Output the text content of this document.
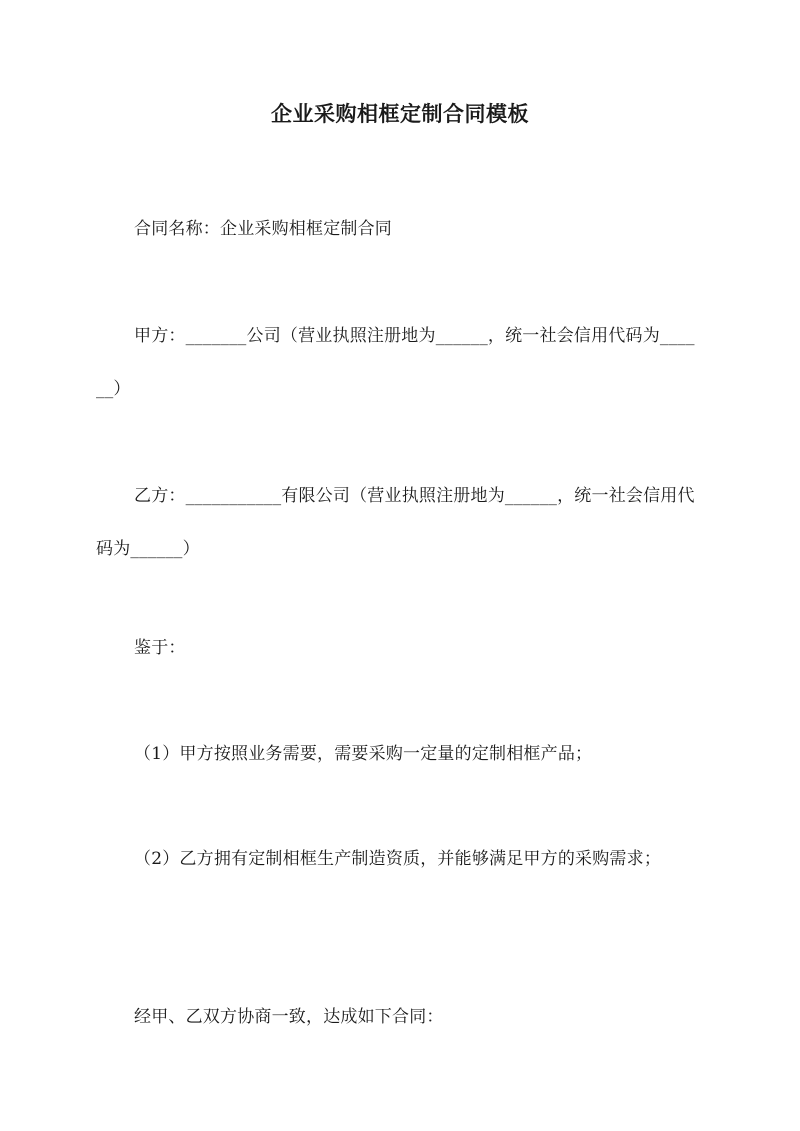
企业采购相框定制合同模板
合同名称：企业采购相框定制合同
甲方：_______公司（营业执照注册地为______，统一社会信用代码为______）
乙方：___________有限公司（营业执照注册地为______，统一社会信用代码为______）
鉴于：
（1）甲方按照业务需要，需要采购一定量的定制相框产品；
（2）乙方拥有定制相框生产制造资质，并能够满足甲方的采购需求；
经甲、乙双方协商一致，达成如下合同：
